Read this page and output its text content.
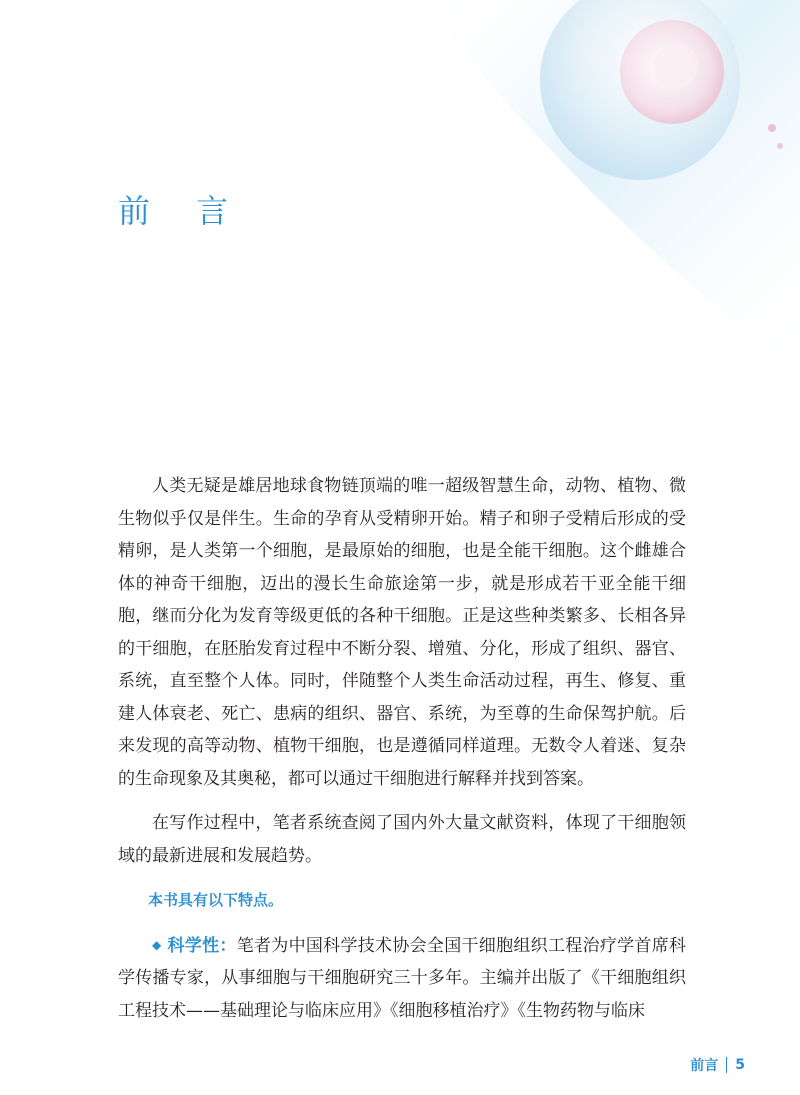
前 言

人类无疑是雄居地球食物链顶端的唯一超级智慧生命，动物、植物、微生物似乎仅是伴生。生命的孕育从受精卵开始。精子和卵子受精后形成的受精卵，是人类第一个细胞，是最原始的细胞，也是全能干细胞。这个雌雄合体的神奇干细胞，迈出的漫长生命旅途第一步，就是形成若干亚全能干细胞，继而分化为发育等级更低的各种干细胞。正是这些种类繁多、长相各异的干细胞，在胚胎发育过程中不断分裂、增殖、分化，形成了组织、器官、系统，直至整个人体。同时，伴随整个人类生命活动过程，再生、修复、重建人体衰老、死亡、患病的组织、器官、系统，为至尊的生命保驾护航。后来发现的高等动物、植物干细胞，也是遵循同样道理。无数令人着迷、复杂的生命现象及其奥秘，都可以通过干细胞进行解释并找到答案。

在写作过程中，笔者系统查阅了国内外大量文献资料，体现了干细胞领域的最新进展和发展趋势。

本书具有以下特点。

◆ 科学性：笔者为中国科学技术协会全国干细胞组织工程治疗学首席科学传播专家，从事细胞与干细胞研究三十多年。主编并出版了《干细胞组织工程技术——基础理论与临床应用》《细胞移植治疗》《生物药物与临床

前言 5
